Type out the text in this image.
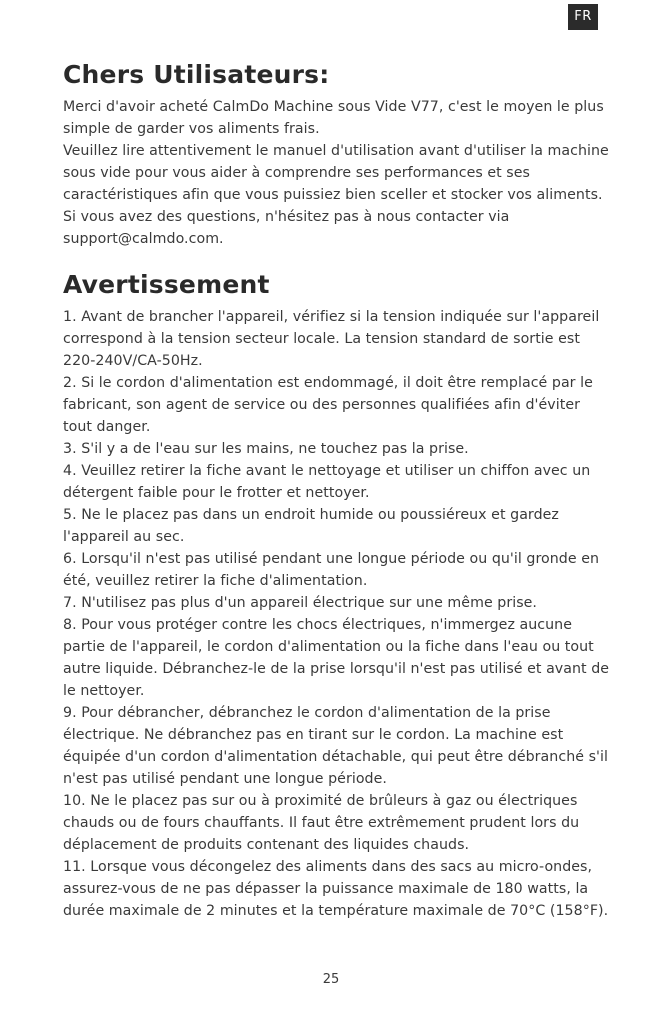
FR
Chers Utilisateurs:

Merci d'avoir acheté CalmDo Machine sous Vide V77, c'est le moyen le plus simple de garder vos aliments frais.

Veuillez lire attentivement le manuel d'utilisation avant d'utiliser la machine sous vide pour vous aider à comprendre ses performances et ses caractéristiques afin que vous puissiez bien sceller et stocker vos aliments. Si vous avez des questions, n'hésitez pas à nous contacter via support@calmdo.com.

Avertissement

1. Avant de brancher l'appareil, vérifiez si la tension indiquée sur l'appareil correspond à la tension secteur locale. La tension standard de sortie est 220-240V/CA-50Hz.

2. Si le cordon d'alimentation est endommagé, il doit être remplacé par le fabricant, son agent de service ou des personnes qualifiées afin d'éviter tout danger.

3. S'il y a de l'eau sur les mains, ne touchez pas la prise.

4. Veuillez retirer la fiche avant le nettoyage et utiliser un chiffon avec un détergent faible pour le frotter et nettoyer.

5. Ne le placez pas dans un endroit humide ou poussiéreux et gardez l'appareil au sec.

6. Lorsqu'il n'est pas utilisé pendant une longue période ou qu'il gronde en été, veuillez retirer la fiche d'alimentation.

7. N'utilisez pas plus d'un appareil électrique sur une même prise.

8. Pour vous protéger contre les chocs électriques, n'immergez aucune partie de l'appareil, le cordon d'alimentation ou la fiche dans l'eau ou tout autre liquide. Débranchez-le de la prise lorsqu'il n'est pas utilisé et avant de le nettoyer.

9. Pour débrancher, débranchez le cordon d'alimentation de la prise électrique. Ne débranchez pas en tirant sur le cordon. La machine est équipée d'un cordon d'alimentation détachable, qui peut être débranché s'il n'est pas utilisé pendant une longue période.

10. Ne le placez pas sur ou à proximité de brûleurs à gaz ou électriques chauds ou de fours chauffants. Il faut être extrêmement prudent lors du déplacement de produits contenant des liquides chauds.

11. Lorsque vous décongelez des aliments dans des sacs au micro-ondes, assurez-vous de ne pas dépasser la puissance maximale de 180 watts, la durée maximale de 2 minutes et la température maximale de 70°C (158°F).

25
